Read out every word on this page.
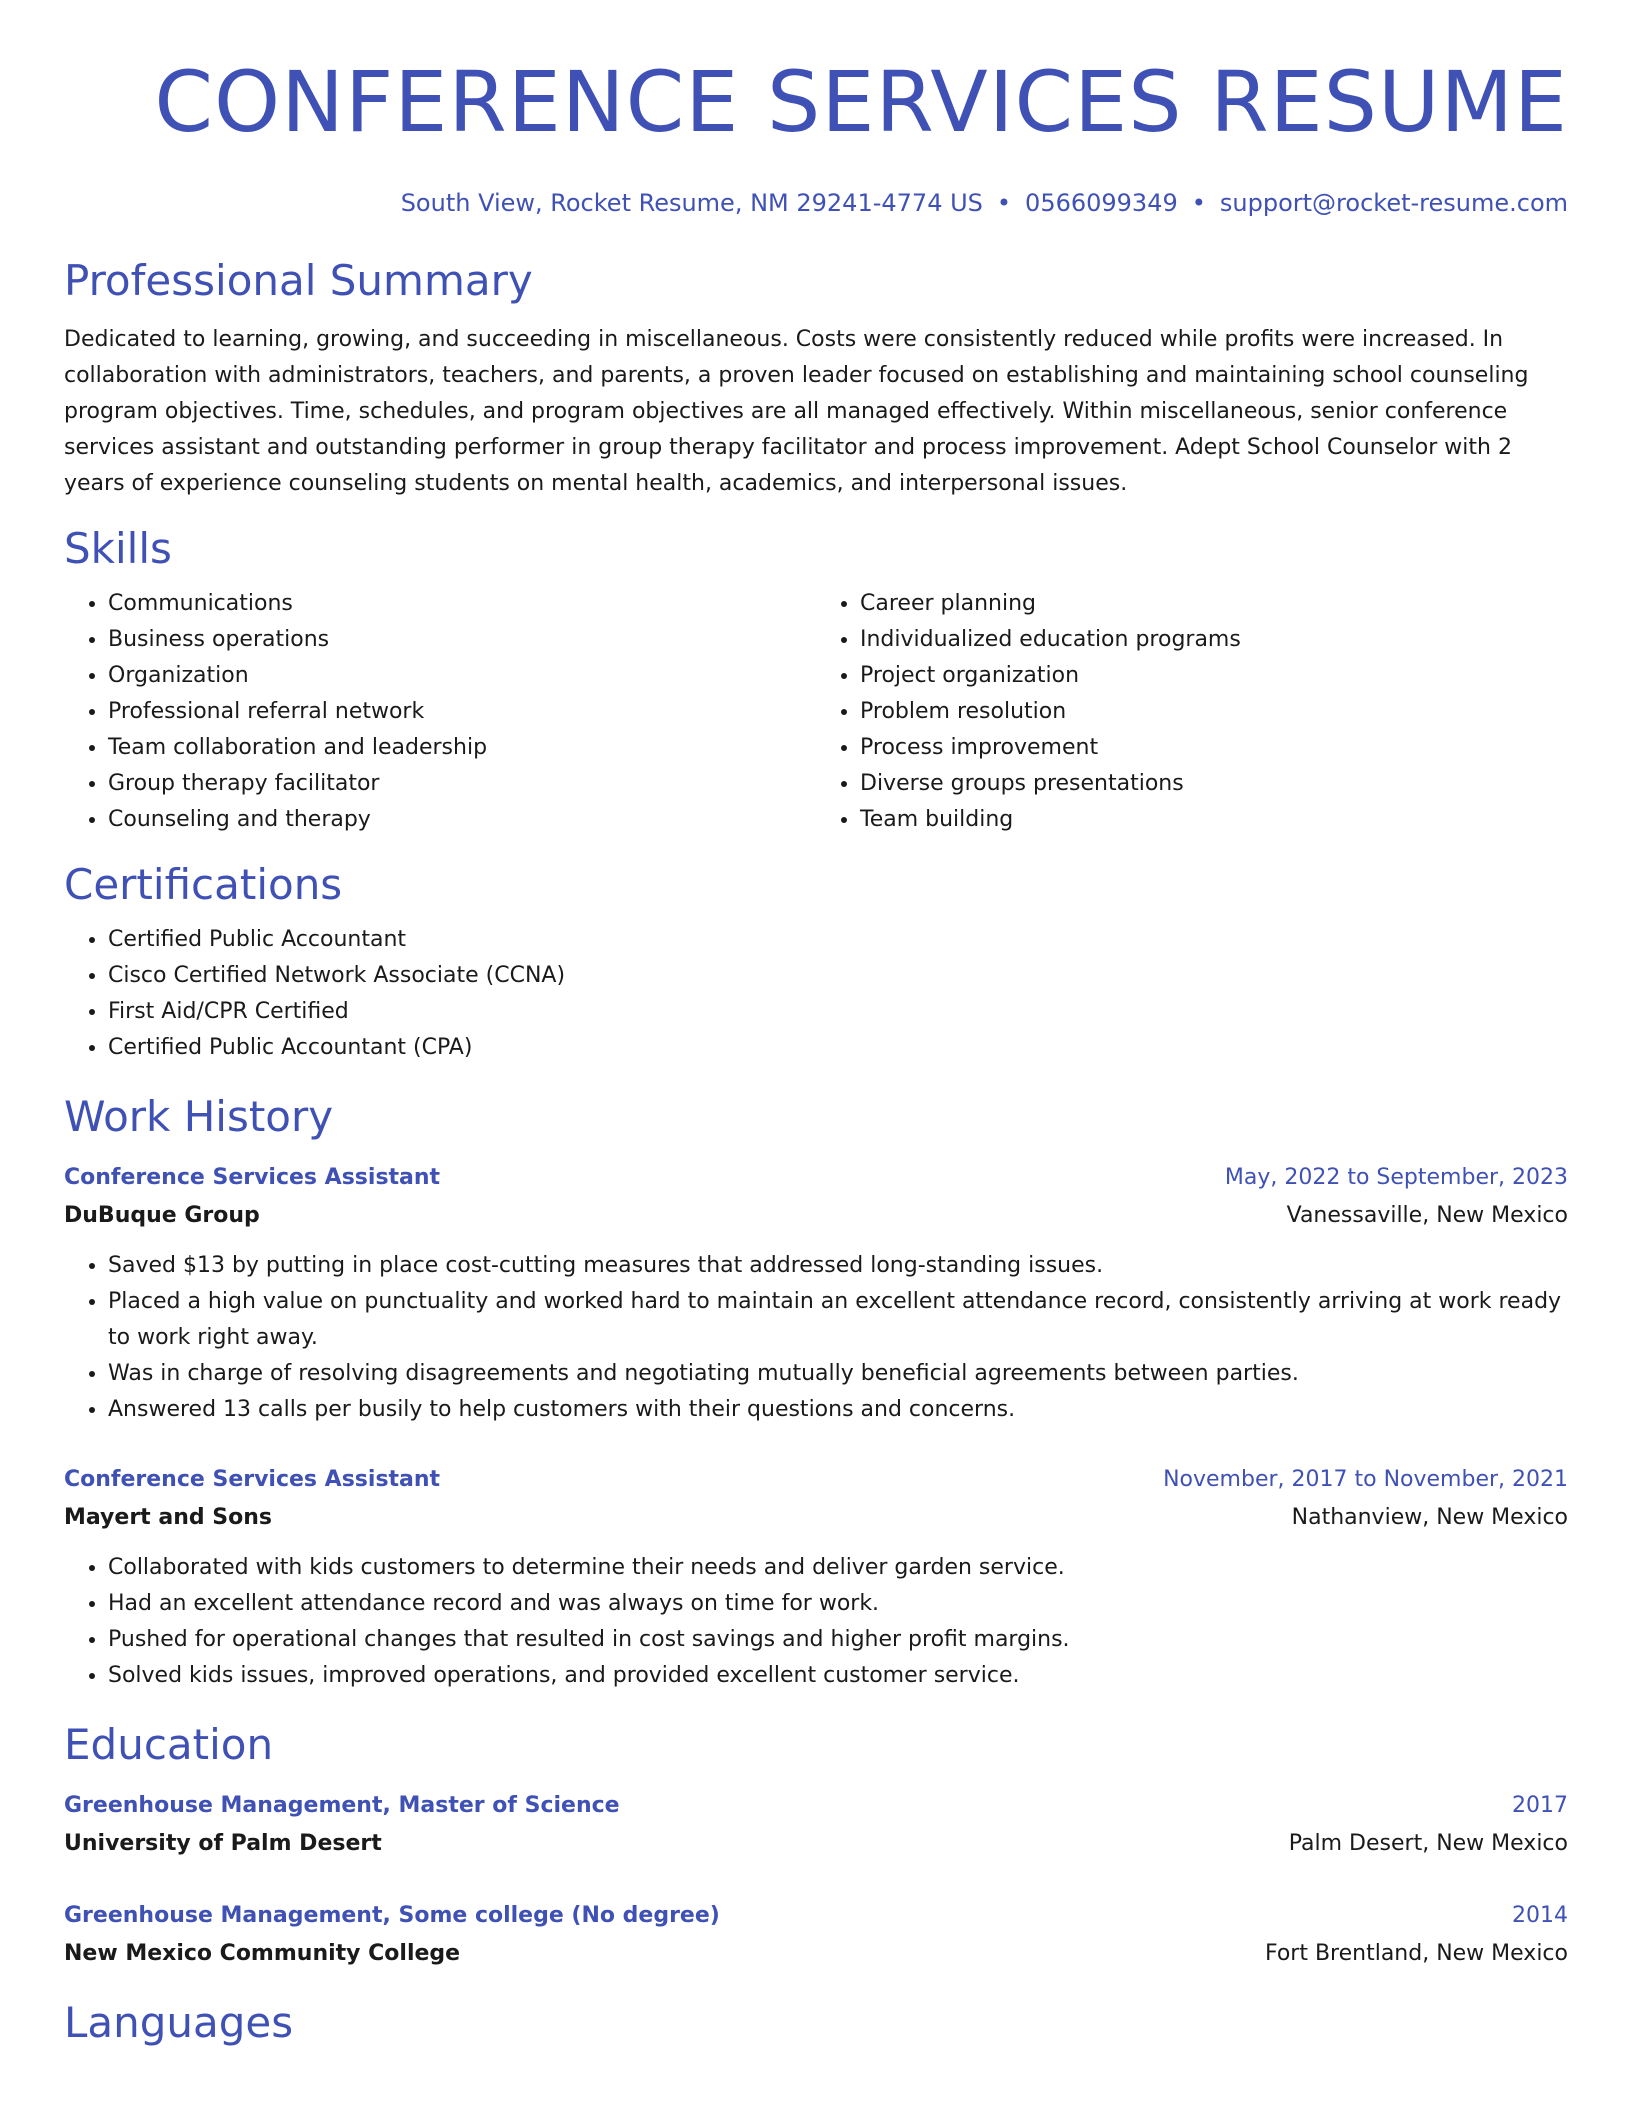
CONFERENCE SERVICES RESUME
South View, Rocket Resume, NM 29241-4774 US • 0566099349 • support@rocket-resume.com
Professional Summary

Dedicated to learning, growing, and succeeding in miscellaneous. Costs were consistently reduced while profits were increased. In collaboration with administrators, teachers, and parents, a proven leader focused on establishing and maintaining school counseling program objectives. Time, schedules, and program objectives are all managed effectively. Within miscellaneous, senior conference services assistant and outstanding performer in group therapy facilitator and process improvement. Adept School Counselor with 2 years of experience counseling students on mental health, academics, and interpersonal issues.

Skills
• Communications
• Business operations
• Organization
• Professional referral network
• Team collaboration and leadership
• Group therapy facilitator
• Counseling and therapy
• Career planning
• Individualized education programs
• Project organization
• Problem resolution
• Process improvement
• Diverse groups presentations
• Team building
Certifications
• Certified Public Accountant
• Cisco Certified Network Associate (CCNA)
• First Aid/CPR Certified
• Certified Public Accountant (CPA)
Work History
Conference Services Assistant	May, 2022 to September, 2023
DuBuque Group	Vanessaville, New Mexico
• Saved $13 by putting in place cost-cutting measures that addressed long-standing issues.
• Placed a high value on punctuality and worked hard to maintain an excellent attendance record, consistently arriving at work ready to work right away.
• Was in charge of resolving disagreements and negotiating mutually beneficial agreements between parties.
• Answered 13 calls per busily to help customers with their questions and concerns.
Conference Services Assistant	November, 2017 to November, 2021
Mayert and Sons	Nathanview, New Mexico
• Collaborated with kids customers to determine their needs and deliver garden service.
• Had an excellent attendance record and was always on time for work.
• Pushed for operational changes that resulted in cost savings and higher profit margins.
• Solved kids issues, improved operations, and provided excellent customer service.
Education
Greenhouse Management, Master of Science	2017
University of Palm Desert	Palm Desert, New Mexico
Greenhouse Management, Some college (No degree)	2014
New Mexico Community College	Fort Brentland, New Mexico
Languages
